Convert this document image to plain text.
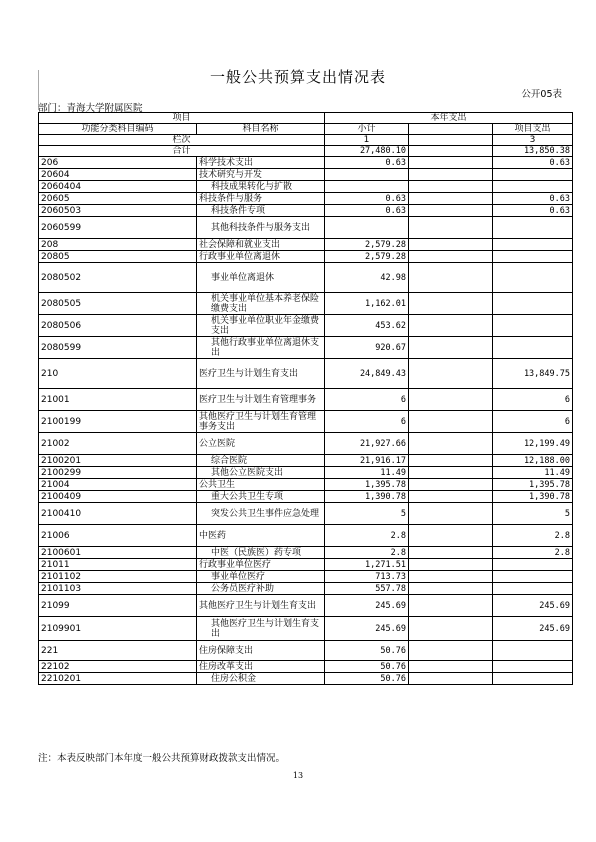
一般公共预算支出情况表
公开05表
部门：青海大学附属医院
项目		本年支出		
功能分类科目编码	科目名称	小计		项目支出
栏次		1		3
合计		27,480.10		13,850.38
206	科学技术支出	0.63		0.63
20604	技术研究与开发			
2060404	科技成果转化与扩散			
20605	科技条件与服务	0.63		0.63
2060503	科技条件专项	0.63		0.63
2060599	其他科技条件与服务支出			
208	社会保障和就业支出	2,579.28		
20805	行政事业单位离退休	2,579.28		
2080502	事业单位离退休	42.98		
2080505	机关事业单位基本养老保险缴费支出	1,162.01		
2080506	机关事业单位职业年金缴费支出	453.62		
2080599	其他行政事业单位离退休支出	920.67		
210	医疗卫生与计划生育支出	24,849.43		13,849.75
21001	医疗卫生与计划生育管理事务	6		6
2100199	其他医疗卫生与计划生育管理事务支出	6		6
21002	公立医院	21,927.66		12,199.49
2100201	综合医院	21,916.17		12,188.00
2100299	其他公立医院支出	11.49		11.49
21004	公共卫生	1,395.78		1,395.78
2100409	重大公共卫生专项	1,390.78		1,390.78
2100410	突发公共卫生事件应急处理	5		5
21006	中医药	2.8		2.8
2100601	中医（民族医）药专项	2.8		2.8
21011	行政事业单位医疗	1,271.51		
2101102	事业单位医疗	713.73		
2101103	公务员医疗补助	557.78		
21099	其他医疗卫生与计划生育支出	245.69		245.69
2109901	其他医疗卫生与计划生育支出	245.69		245.69
221	住房保障支出	50.76		
22102	住房改革支出	50.76		
2210201	住房公积金	50.76		
注：本表反映部门本年度一般公共预算财政拨款支出情况。
13
